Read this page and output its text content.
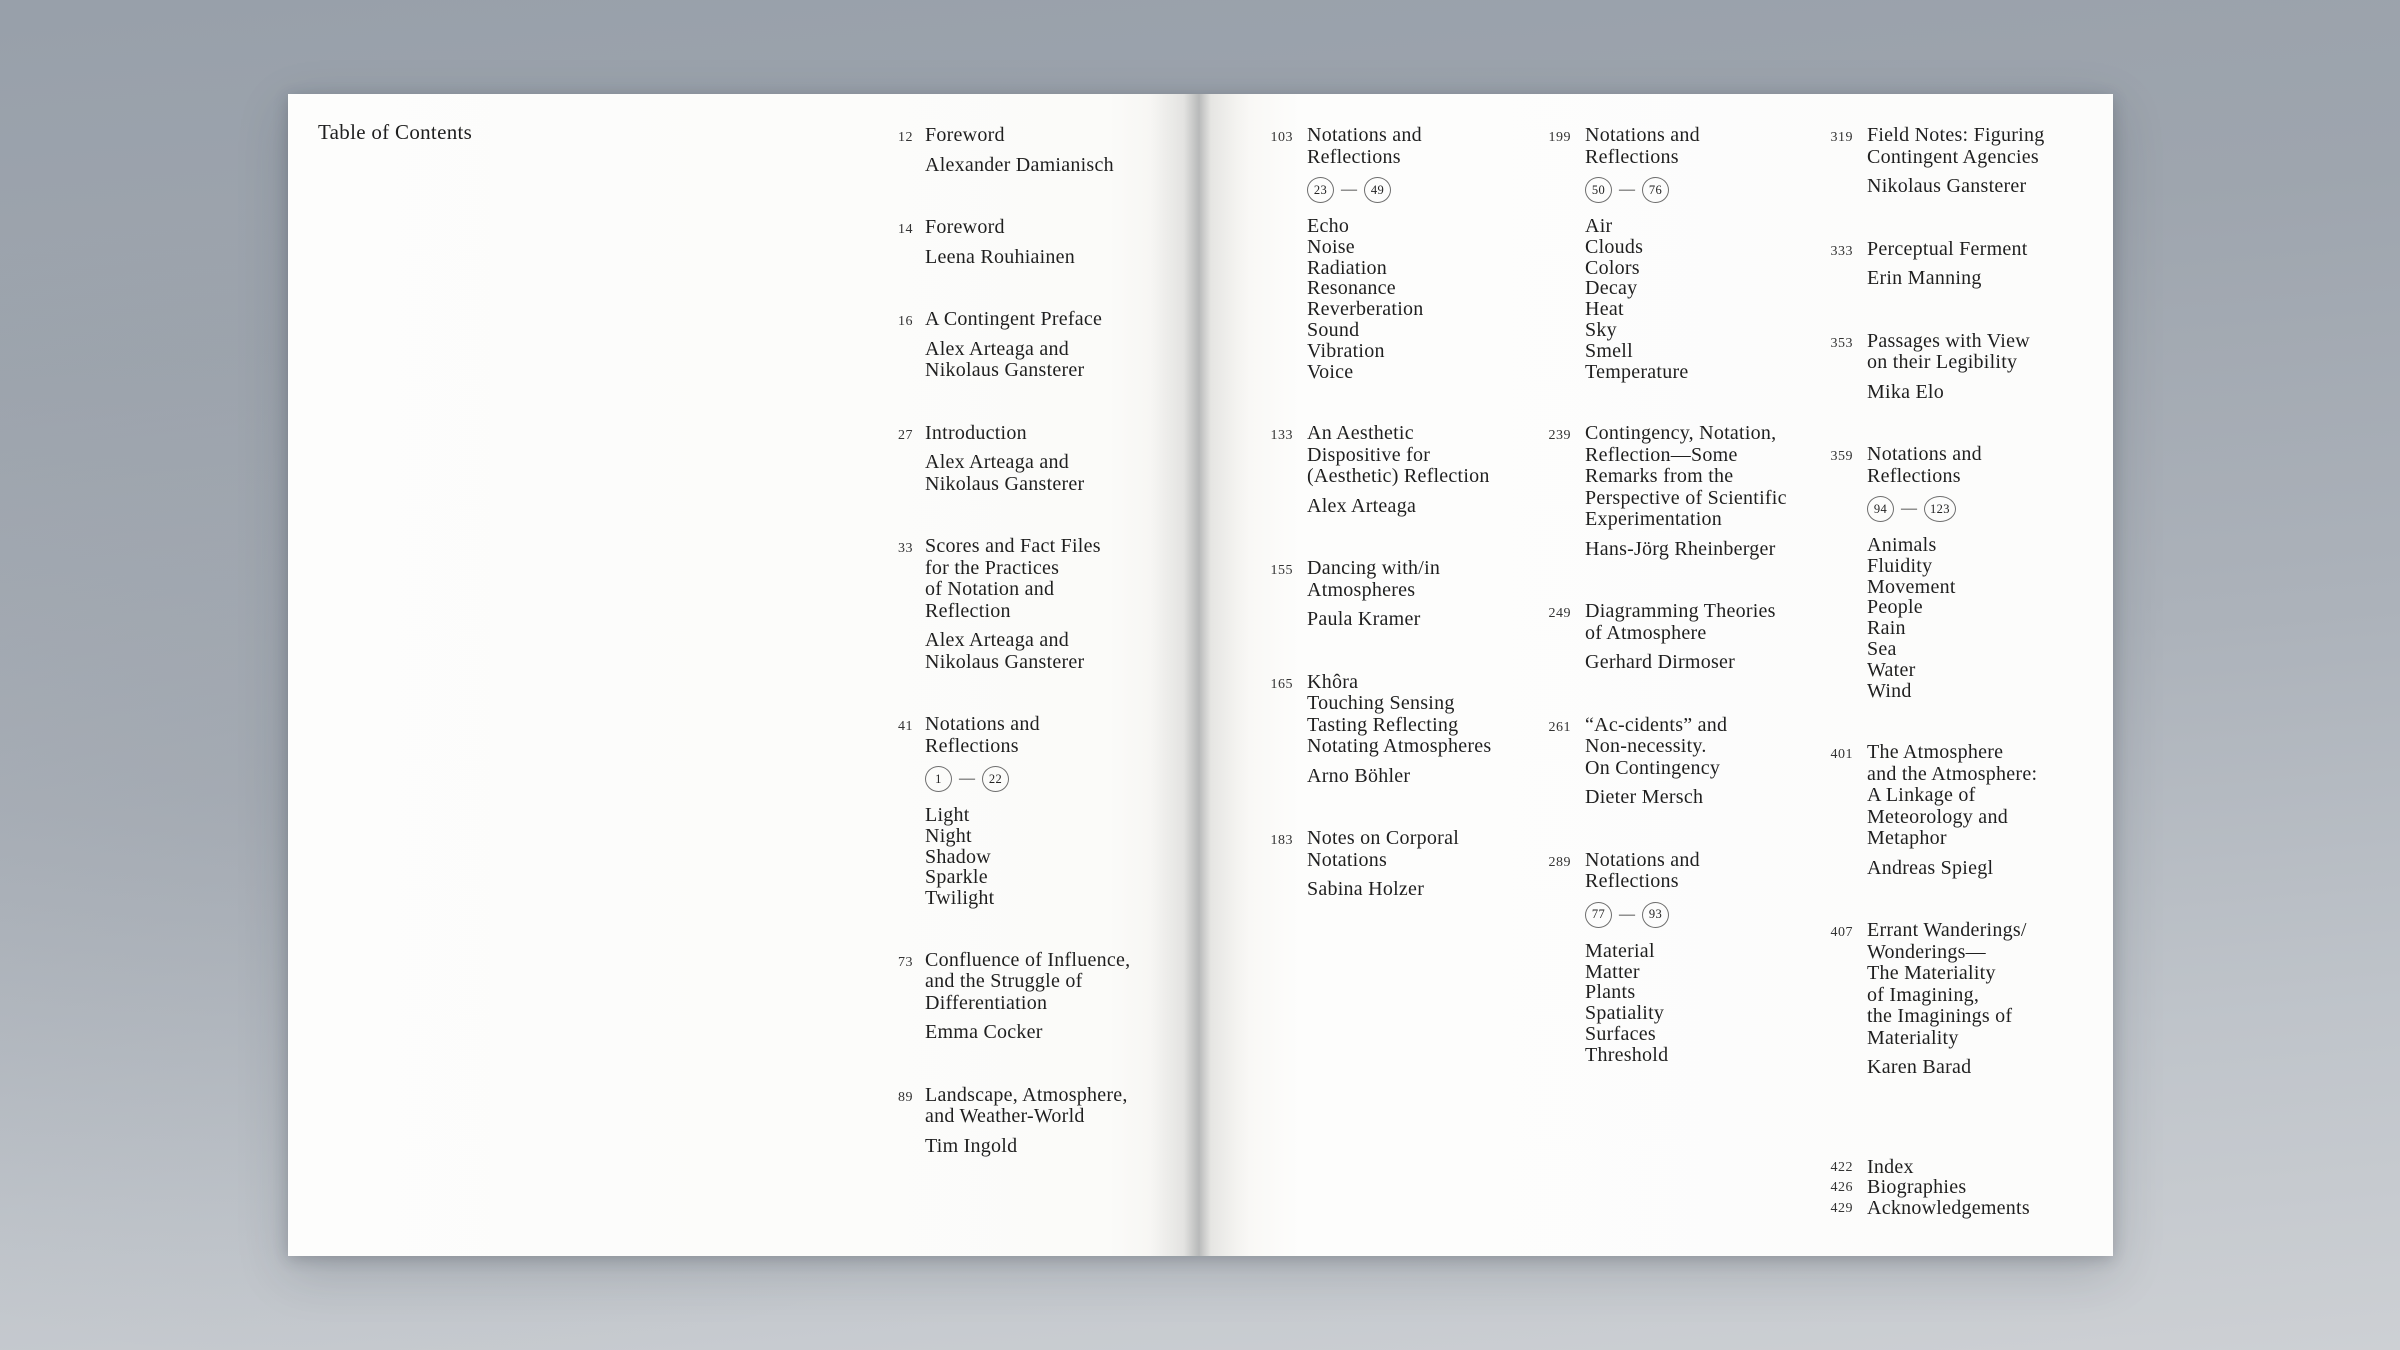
Table of Contents	12 Foreword
Alexander Damianisch
14 Foreword
Leena Rouhiainen
16 A Contingent Preface
Alex Arteaga and
Nikolaus Gansterer
27 Introduction
Alex Arteaga and
Nikolaus Gansterer
33 Scores and Fact Files
for the Practices
of Notation and
Reflection
Alex Arteaga and
Nikolaus Gansterer
41 Notations and
Reflections
1	—	22
Light
Night
Shadow
Sparkle
Twilight
73 Confluence of Influence,
and the Struggle of
Differentiation
Emma Cocker
89 Landscape, Atmosphere,
and Weather-World
Tim Ingold
103 Notations and
Reflections
23 —	49
Echo
Noise
Radiation
Resonance
Reverberation
Sound
Vibration
Voice
133 An Aesthetic
Dispositive for
(Aesthetic) Reflection
Alex Arteaga
155 Dancing with/in
Atmospheres
Paula Kramer
165 Khôra
Touching Sensing
Tasting Reflecting
Notating Atmospheres
Arno Böhler
183 Notes on Corporal
Notations
Sabina Holzer
199 Notations and
Reflections
50 —	76
Air
Clouds
Colors
Decay
Heat
Sky
Smell
Temperature
239 Contingency, Notation,
Reflection—Some
Remarks from the
Perspective of Scientific
Experimentation
Hans-Jörg Rheinberger
249 Diagramming Theories
of Atmosphere
Gerhard Dirmoser
261 “Ac-cidents” and
Non-necessity.
On Contingency
Dieter Mersch
289 Notations and
Reflections
77 —	93
Material
Matter
Plants
Spatiality
Surfaces
Threshold
319 Field Notes: Figuring
Contingent Agencies
Nikolaus Gansterer
333 Perceptual Ferment
Erin Manning
353 Passages with View
on their Legibility
Mika Elo
359 Notations and
Reflections
94 —	123
Animals
Fluidity
Movement
People
Rain
Sea
Water
Wind
401 The Atmosphere
and the Atmosphere:
A Linkage of
Meteorology and
Metaphor
Andreas Spiegl
407 Errant Wanderings/
Wonderings—
The Materiality
of Imagining,
the Imaginings of
Materiality
Karen Barad
422 Index
426 Biographies
429 Acknowledgements
